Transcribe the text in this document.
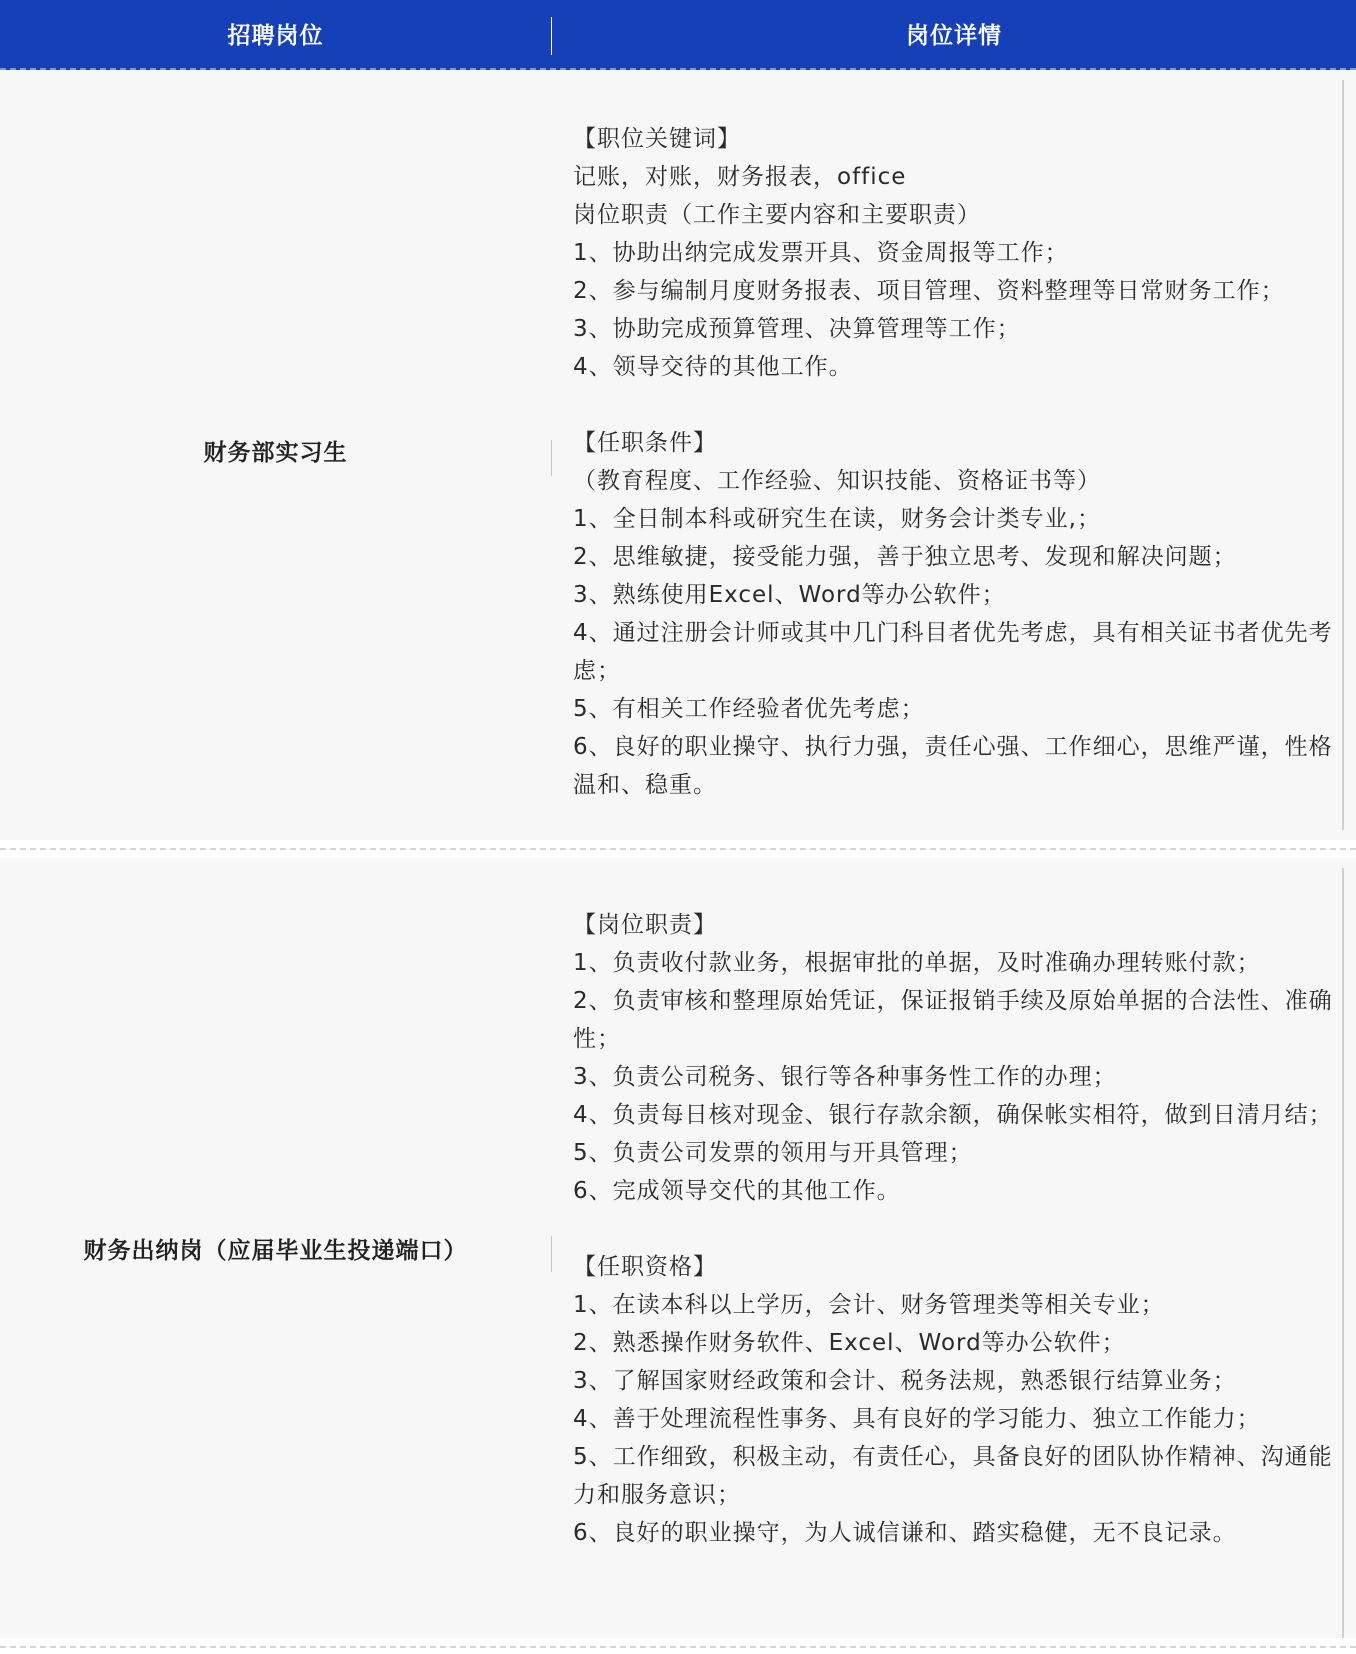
招聘岗位	岗位详情
财务部实习生
【职位关键词】
记账，对账，财务报表，office
岗位职责（工作主要内容和主要职责）
1、协助出纳完成发票开具、资金周报等工作；
2、参与编制月度财务报表、项目管理、资料整理等日常财务工作；
3、协助完成预算管理、决算管理等工作；
4、领导交待的其他工作。
【任职条件】
（教育程度、工作经验、知识技能、资格证书等）
1、全日制本科或研究生在读，财务会计类专业,；
2、思维敏捷，接受能力强，善于独立思考、发现和解决问题；
3、熟练使用Excel、Word等办公软件；
4、通过注册会计师或其中几门科目者优先考虑，具有相关证书者优先考虑；
5、有相关工作经验者优先考虑；
6、良好的职业操守、执行力强，责任心强、工作细心，思维严谨，性格温和、稳重。
财务出纳岗（应届毕业生投递端口）
【岗位职责】
1、负责收付款业务，根据审批的单据，及时准确办理转账付款；
2、负责审核和整理原始凭证，保证报销手续及原始单据的合法性、准确性；
3、负责公司税务、银行等各种事务性工作的办理；
4、负责每日核对现金、银行存款余额，确保帐实相符，做到日清月结；
5、负责公司发票的领用与开具管理；
6、完成领导交代的其他工作。
【任职资格】
1、在读本科以上学历，会计、财务管理类等相关专业；
2、熟悉操作财务软件、Excel、Word等办公软件；
3、了解国家财经政策和会计、税务法规，熟悉银行结算业务；
4、善于处理流程性事务、具有良好的学习能力、独立工作能力；
5、工作细致，积极主动，有责任心，具备良好的团队协作精神、沟通能力和服务意识；
6、良好的职业操守，为人诚信谦和、踏实稳健，无不良记录。
